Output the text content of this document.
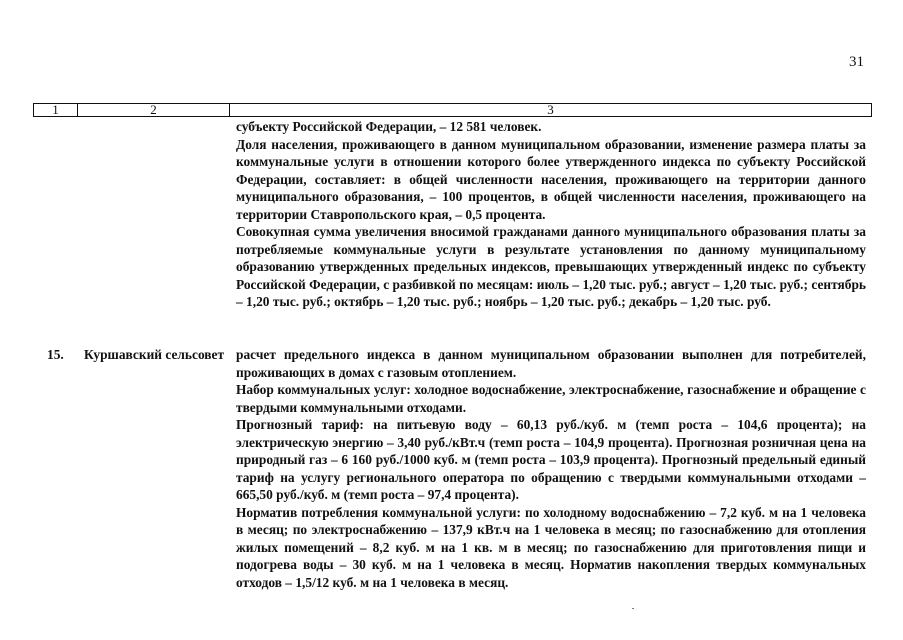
31
1	2	3

субъекту Российской Федерации, – 12 581 человек.

Доля населения, проживающего в данном муниципальном образовании, изменение размера платы за коммунальные услуги в отношении которого более утвержденного индекса по субъекту Российской Федерации, составляет: в общей численности населения, проживающего на территории данного муниципального образования, – 100 процентов, в общей численности населения, проживающего на территории Ставропольского края, – 0,5 процента.

Совокупная сумма увеличения вносимой гражданами данного муниципального образования платы за потребляемые коммунальные услуги в результате установления по данному муниципальному образованию утвержденных предельных индексов, превышающих утвержденный индекс по субъекту Российской Федерации, с разбивкой по месяцам: июль – 1,20 тыс. руб.; август – 1,20 тыс. руб.; сентябрь – 1,20 тыс. руб.; октябрь – 1,20 тыс. руб.; ноябрь – 1,20 тыс. руб.; декабрь – 1,20 тыс. руб.

15. Куршавский сельсовет расчет предельного индекса в данном муниципальном образовании выполнен для потребителей, проживающих в домах с газовым отоплением.

Набор коммунальных услуг: холодное водоснабжение, электроснабжение, газоснабжение и обращение с твердыми коммунальными отходами.

Прогнозный тариф: на питьевую воду – 60,13 руб./куб. м (темп роста – 104,6 процента); на электрическую энергию – 3,40 руб./кВт.ч (темп роста – 104,9 процента). Прогнозная розничная цена на природный газ – 6 160 руб./1000 куб. м (темп роста – 103,9 процента). Прогнозный предельный единый тариф на услугу регионального оператора по обращению с твердыми коммунальными отходами – 665,50 руб./куб. м (темп роста – 97,4 процента).

Норматив потребления коммунальной услуги: по холодному водоснабжению – 7,2 куб. м на 1 человека в месяц; по электроснабжению – 137,9 кВт.ч на 1 человека в месяц; по газоснабжению для отопления жилых помещений – 8,2 куб. м на 1 кв. м в месяц; по газоснабжению для приготовления пищи и подогрева воды – 30 куб. м на 1 человека в месяц. Норматив накопления твердых коммунальных отходов – 1,5/12 куб. м на 1 человека в месяц.
